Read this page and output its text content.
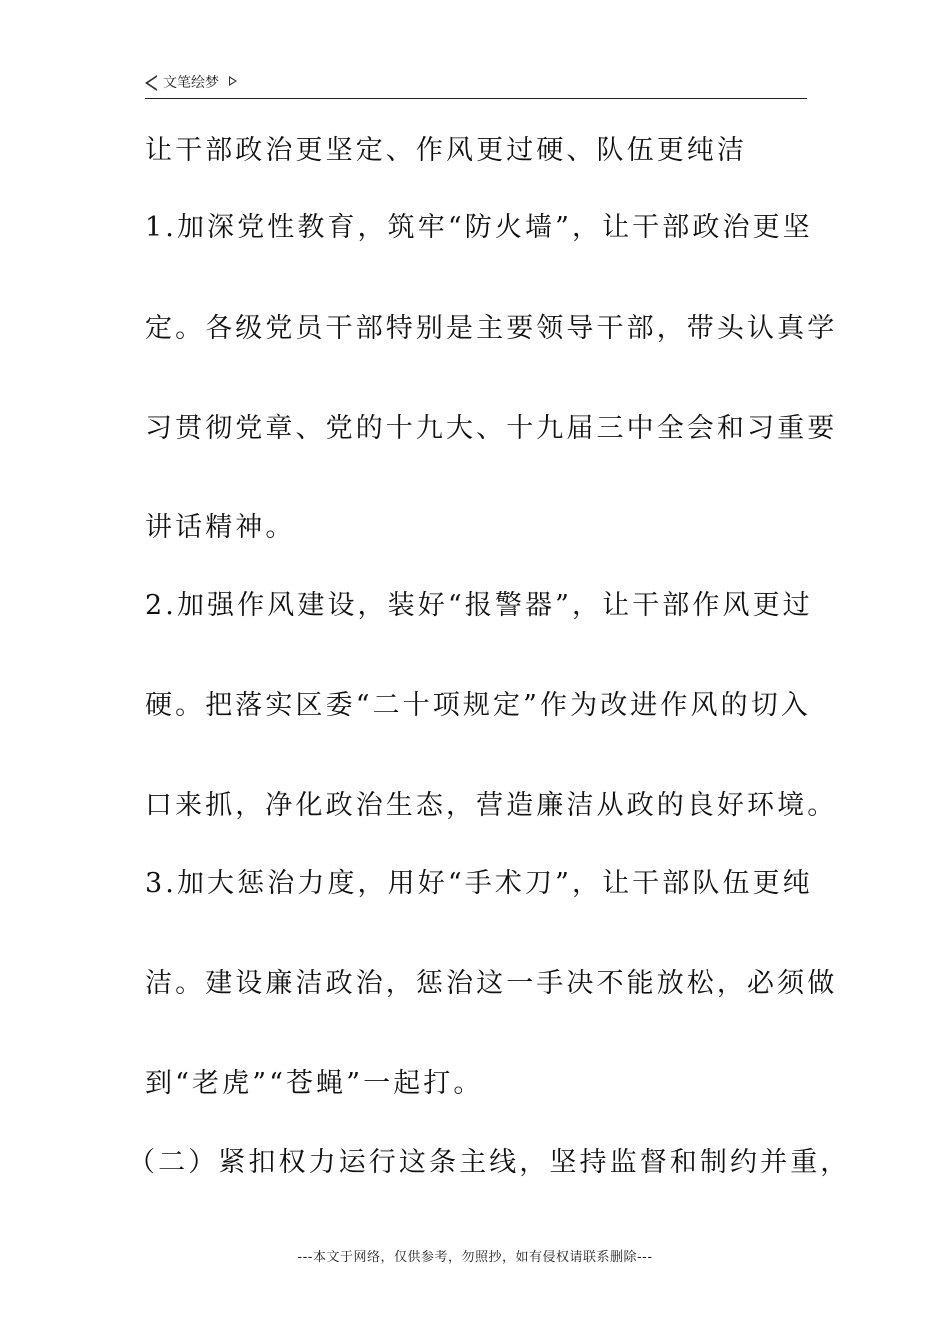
文笔绘梦
让干部政治更坚定、作风更过硬、队伍更纯洁
1.加深党性教育，筑牢“防火墙”，让干部政治更坚
定。各级党员干部特别是主要领导干部，带头认真学
习贯彻党章、党的十九大、十九届三中全会和习重要
讲话精神。
2.加强作风建设，装好“报警器”，让干部作风更过
硬。把落实区委“二十项规定”作为改进作风的切入
口来抓，净化政治生态，营造廉洁从政的良好环境。
3.加大惩治力度，用好“手术刀”，让干部队伍更纯
洁。建设廉洁政治，惩治这一手决不能放松，必须做
到“老虎”“苍蝇”一起打。
（二）紧扣权力运行这条主线，坚持监督和制约并重，
---本文于网络，仅供参考，勿照抄，如有侵权请联系删除---
